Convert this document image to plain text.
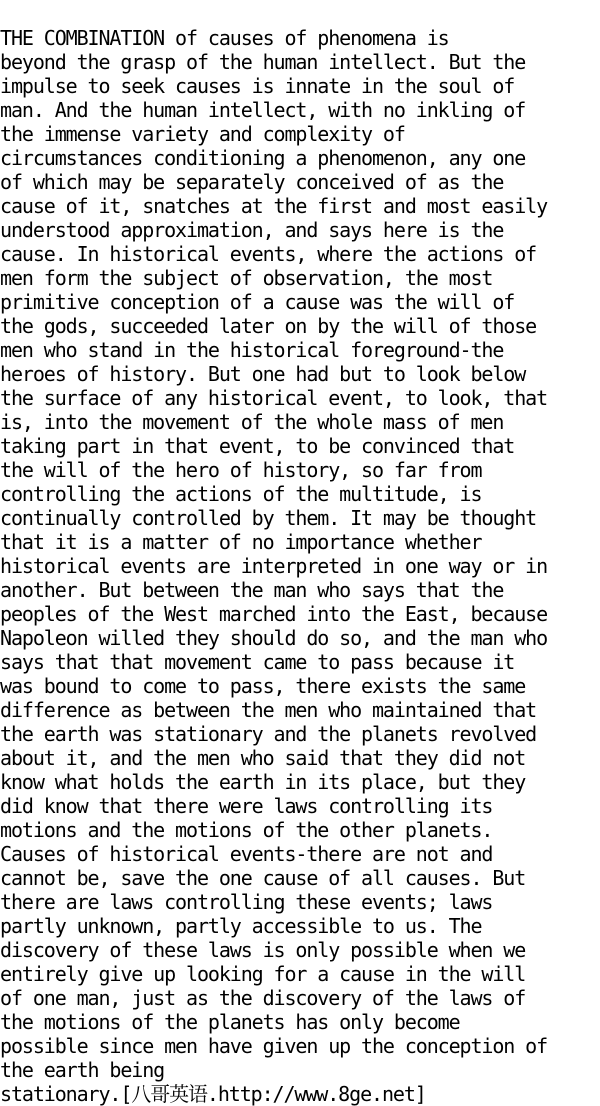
THE COMBINATION of causes of phenomena is
beyond the grasp of the human intellect. But the
impulse to seek causes is innate in the soul of
man. And the human intellect, with no inkling of
the immense variety and complexity of
circumstances conditioning a phenomenon, any one
of which may be separately conceived of as the
cause of it, snatches at the first and most easily
understood approximation, and says here is the
cause. In historical events, where the actions of
men form the subject of observation, the most
primitive conception of a cause was the will of
the gods, succeeded later on by the will of those
men who stand in the historical foreground-the
heroes of history. But one had but to look below
the surface of any historical event, to look, that
is, into the movement of the whole mass of men
taking part in that event, to be convinced that
the will of the hero of history, so far from
controlling the actions of the multitude, is
continually controlled by them. It may be thought
that it is a matter of no importance whether
historical events are interpreted in one way or in
another. But between the man who says that the
peoples of the West marched into the East, because
Napoleon willed they should do so, and the man who
says that that movement came to pass because it
was bound to come to pass, there exists the same
difference as between the men who maintained that
the earth was stationary and the planets revolved
about it, and the men who said that they did not
know what holds the earth in its place, but they
did know that there were laws controlling its
motions and the motions of the other planets.
Causes of historical events-there are not and
cannot be, save the one cause of all causes. But
there are laws controlling these events; laws
partly unknown, partly accessible to us. The
discovery of these laws is only possible when we
entirely give up looking for a cause in the will
of one man, just as the discovery of the laws of
the motions of the planets has only become
possible since men have given up the conception of
the earth being
stationary.[八哥英语.http://www.8ge.net]
